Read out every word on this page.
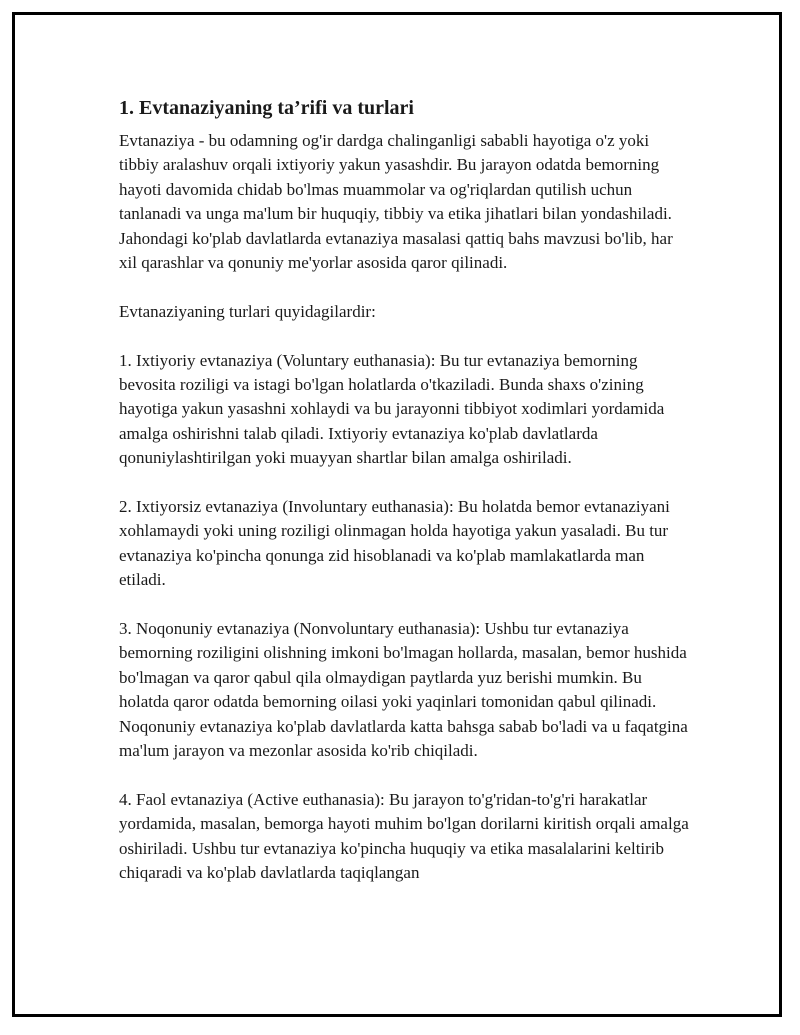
1. Evtanaziyaning ta’rifi va turlari

Evtanaziya - bu odamning og'ir dardga chalinganligi sababli hayotiga o'z yoki tibbiy aralashuv orqali ixtiyoriy yakun yasashdir. Bu jarayon odatda bemorning hayoti davomida chidab bo'lmas muammolar va og'riqlardan qutilish uchun tanlanadi va unga ma'lum bir huquqiy, tibbiy va etika jihatlari bilan yondashiladi. Jahondagi ko'plab davlatlarda evtanaziya masalasi qattiq bahs mavzusi bo'lib, har xil qarashlar va qonuniy me'yorlar asosida qaror qilinadi.

Evtanaziyaning turlari quyidagilardir:

1. Ixtiyoriy evtanaziya (Voluntary euthanasia): Bu tur evtanaziya bemorning bevosita roziligi va istagi bo'lgan holatlarda o'tkaziladi. Bunda shaxs o'zining hayotiga yakun yasashni xohlaydi va bu jarayonni tibbiyot xodimlari yordamida amalga oshirishni talab qiladi. Ixtiyoriy evtanaziya ko'plab davlatlarda qonuniylashtirilgan yoki muayyan shartlar bilan amalga oshiriladi.

2. Ixtiyorsiz evtanaziya (Involuntary euthanasia): Bu holatda bemor evtanaziyani xohlamaydi yoki uning roziligi olinmagan holda hayotiga yakun yasaladi. Bu tur evtanaziya ko'pincha qonunga zid hisoblanadi va ko'plab mamlakatlarda man etiladi.

3. Noqonuniy evtanaziya (Nonvoluntary euthanasia): Ushbu tur evtanaziya bemorning roziligini olishning imkoni bo'lmagan hollarda, masalan, bemor hushida bo'lmagan va qaror qabul qila olmaydigan paytlarda yuz berishi mumkin. Bu holatda qaror odatda bemorning oilasi yoki yaqinlari tomonidan qabul qilinadi. Noqonuniy evtanaziya ko'plab davlatlarda katta bahsga sabab bo'ladi va u faqatgina ma'lum jarayon va mezonlar asosida ko'rib chiqiladi.

4. Faol evtanaziya (Active euthanasia): Bu jarayon to'g'ridan-to'g'ri harakatlar yordamida, masalan, bemorga hayoti muhim bo'lgan dorilarni kiritish orqali amalga oshiriladi. Ushbu tur evtanaziya ko'pincha huquqiy va etika masalalarini keltirib chiqaradi va ko'plab davlatlarda taqiqlangan
